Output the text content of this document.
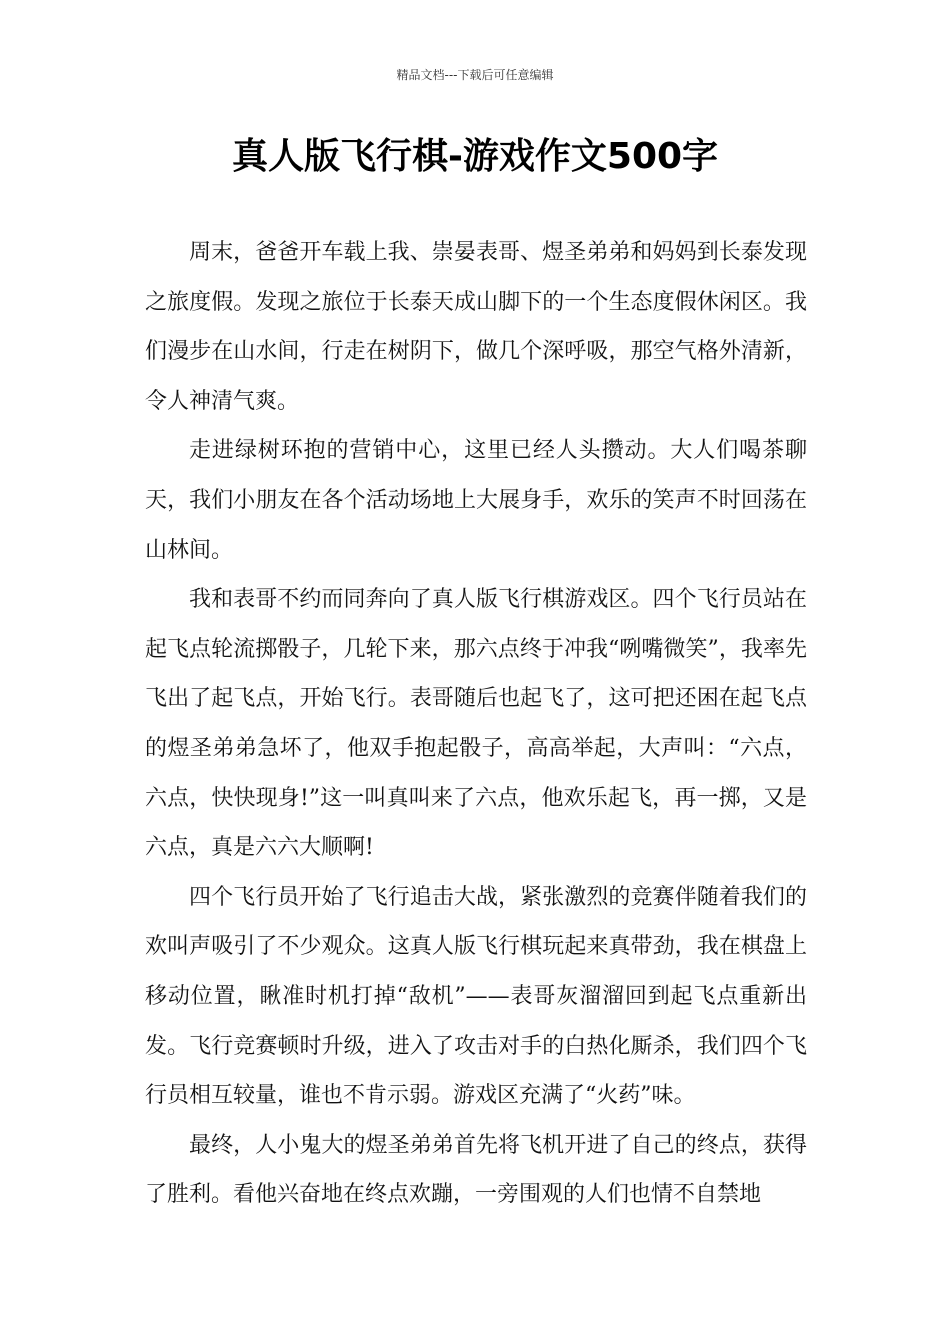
精品文档---下载后可任意编辑
真人版飞行棋-游戏作文500字

周末，爸爸开车载上我、崇晏表哥、煜圣弟弟和妈妈到长泰发现之旅度假。发现之旅位于长泰天成山脚下的一个生态度假休闲区。我们漫步在山水间，行走在树阴下，做几个深呼吸，那空气格外清新，令人神清气爽。

走进绿树环抱的营销中心，这里已经人头攒动。大人们喝茶聊天，我们小朋友在各个活动场地上大展身手，欢乐的笑声不时回荡在山林间。

我和表哥不约而同奔向了真人版飞行棋游戏区。四个飞行员站在起飞点轮流掷骰子，几轮下来，那六点终于冲我“咧嘴微笑”，我率先飞出了起飞点，开始飞行。表哥随后也起飞了，这可把还困在起飞点的煜圣弟弟急坏了，他双手抱起骰子，高高举起，大声叫：“六点，六点，快快现身!”这一叫真叫来了六点，他欢乐起飞，再一掷，又是六点，真是六六大顺啊!

四个飞行员开始了飞行追击大战，紧张激烈的竞赛伴随着我们的欢叫声吸引了不少观众。这真人版飞行棋玩起来真带劲，我在棋盘上移动位置，瞅准时机打掉“敌机”——表哥灰溜溜回到起飞点重新出发。飞行竞赛顿时升级，进入了攻击对手的白热化厮杀，我们四个飞行员相互较量，谁也不肯示弱。游戏区充满了“火药”味。

最终，人小鬼大的煜圣弟弟首先将飞机开进了自己的终点，获得了胜利。看他兴奋地在终点欢蹦，一旁围观的人们也情不自禁地
